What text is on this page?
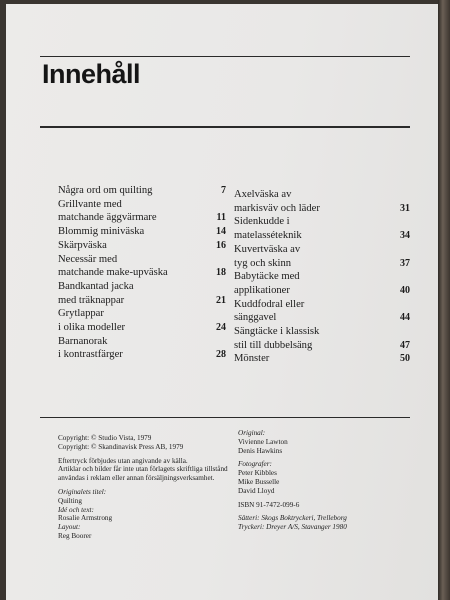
Innehåll
Några ord om quilting	7
Grillvante med
matchande äggvärmare	11
Blommig miniväska	14
Skärpväska	16
Necessär med
matchande make-upväska	18
Bandkantad jacka
med träknappar	21
Grytlappar
i olika modeller	24
Barnanorak
i kontrastfärger	28
Axelväska av
markisväv och läder	31
Sidenkudde i
matelasséteknik	34
Kuvertväska av
tyg och skinn	37
Babytäcke med
applikationer	40
Kuddfodral eller
sänggavel	44
Sängtäcke i klassisk
stil till dubbelsäng	47
Mönster	50
Copyright: © Studio Vista, 1979
Copyright: © Skandinavisk Press AB, 1979
Eftertryck förbjudes utan angivande av källa.
Artiklar och bilder får inte utan förlagets skriftliga tillstånd
användas i reklam eller annan försäljningsverksamhet.
Originalets titel:
Quilting
Idé och text:
Rosalie Armstrong
Layout:
Reg Boorer
Original:
Vivienne Lawton
Denis Hawkins
Fotografer:
Peter Kibbles
Mike Busselle
David Lloyd
ISBN 91-7472-099-6
Sätteri: Skogs Boktryckeri, Trelleborg
Tryckeri: Dreyer A/S, Stavanger 1980
